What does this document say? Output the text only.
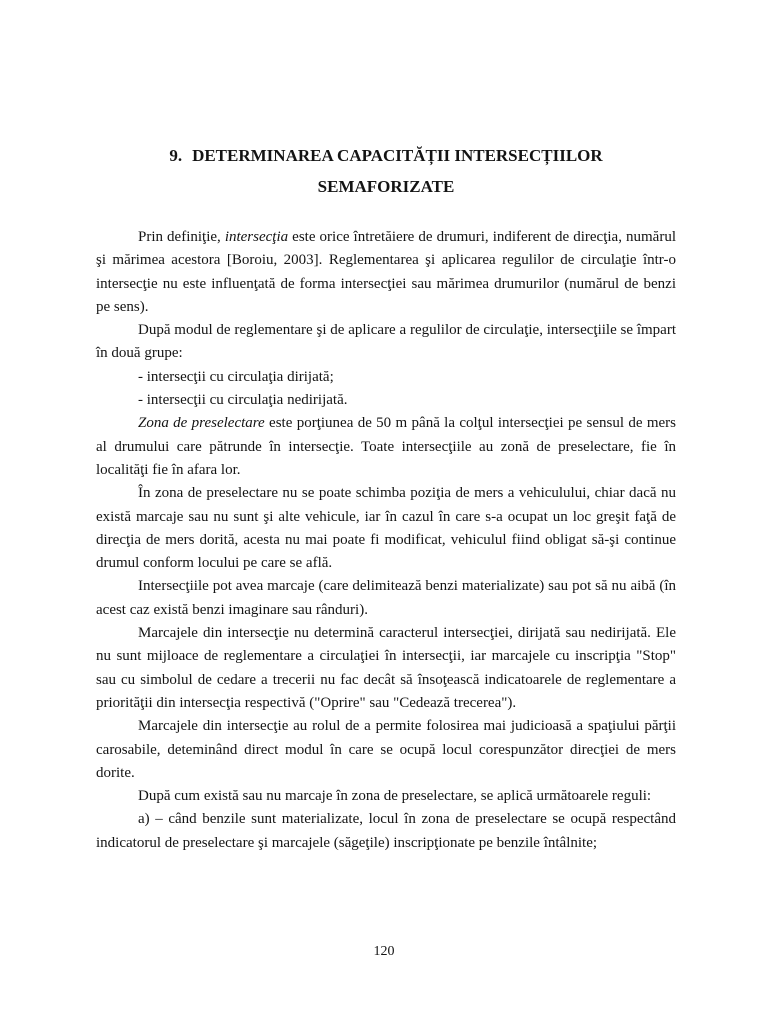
9. DETERMINAREA CAPACITĂȚII INTERSECȚIILOR
SEMAFORIZATE

Prin definiţie, intersecţia este orice întretăiere de drumuri, indiferent de direcţia, numărul şi mărimea acestora [Boroiu, 2003]. Reglementarea şi aplicarea regulilor de circulaţie într-o intersecţie nu este influenţată de forma intersecţiei sau mărimea drumurilor (numărul de benzi pe sens).

După modul de reglementare şi de aplicare a regulilor de circulaţie, intersecţiile se împart în două grupe:

- intersecţii cu circulaţia dirijată;

- intersecţii cu circulaţia nedirijată.

Zona de preselectare este porţiunea de 50 m până la colţul intersecţiei pe sensul de mers al drumului care pătrunde în intersecţie. Toate intersecţiile au zonă de preselectare, fie în localităţi fie în afara lor.

În zona de preselectare nu se poate schimba poziţia de mers a vehiculului, chiar dacă nu există marcaje sau nu sunt şi alte vehicule, iar în cazul în care s-a ocupat un loc greşit faţă de direcţia de mers dorită, acesta nu mai poate fi modificat, vehiculul fiind obligat să-şi continue drumul conform locului pe care se află.

Intersecţiile pot avea marcaje (care delimitează benzi materializate) sau pot să nu aibă (în acest caz există benzi imaginare sau rânduri).

Marcajele din intersecţie nu determină caracterul intersecţiei, dirijată sau nedirijată. Ele nu sunt mijloace de reglementare a circulaţiei în intersecţii, iar marcajele cu inscripţia "Stop" sau cu simbolul de cedare a trecerii nu fac decât să însoţească indicatoarele de reglementare a priorităţii din intersecţia respectivă ("Oprire" sau "Cedează trecerea").

Marcajele din intersecţie au rolul de a permite folosirea mai judicioasă a spaţiului părţii carosabile, deteminând direct modul în care se ocupă locul corespunzător direcţiei de mers dorite.

După cum există sau nu marcaje în zona de preselectare, se aplică următoarele reguli:

a) – când benzile sunt materializate, locul în zona de preselectare se ocupă respectând indicatorul de preselectare şi marcajele (săgeţile) inscripţionate pe benzile întâlnite;

120
